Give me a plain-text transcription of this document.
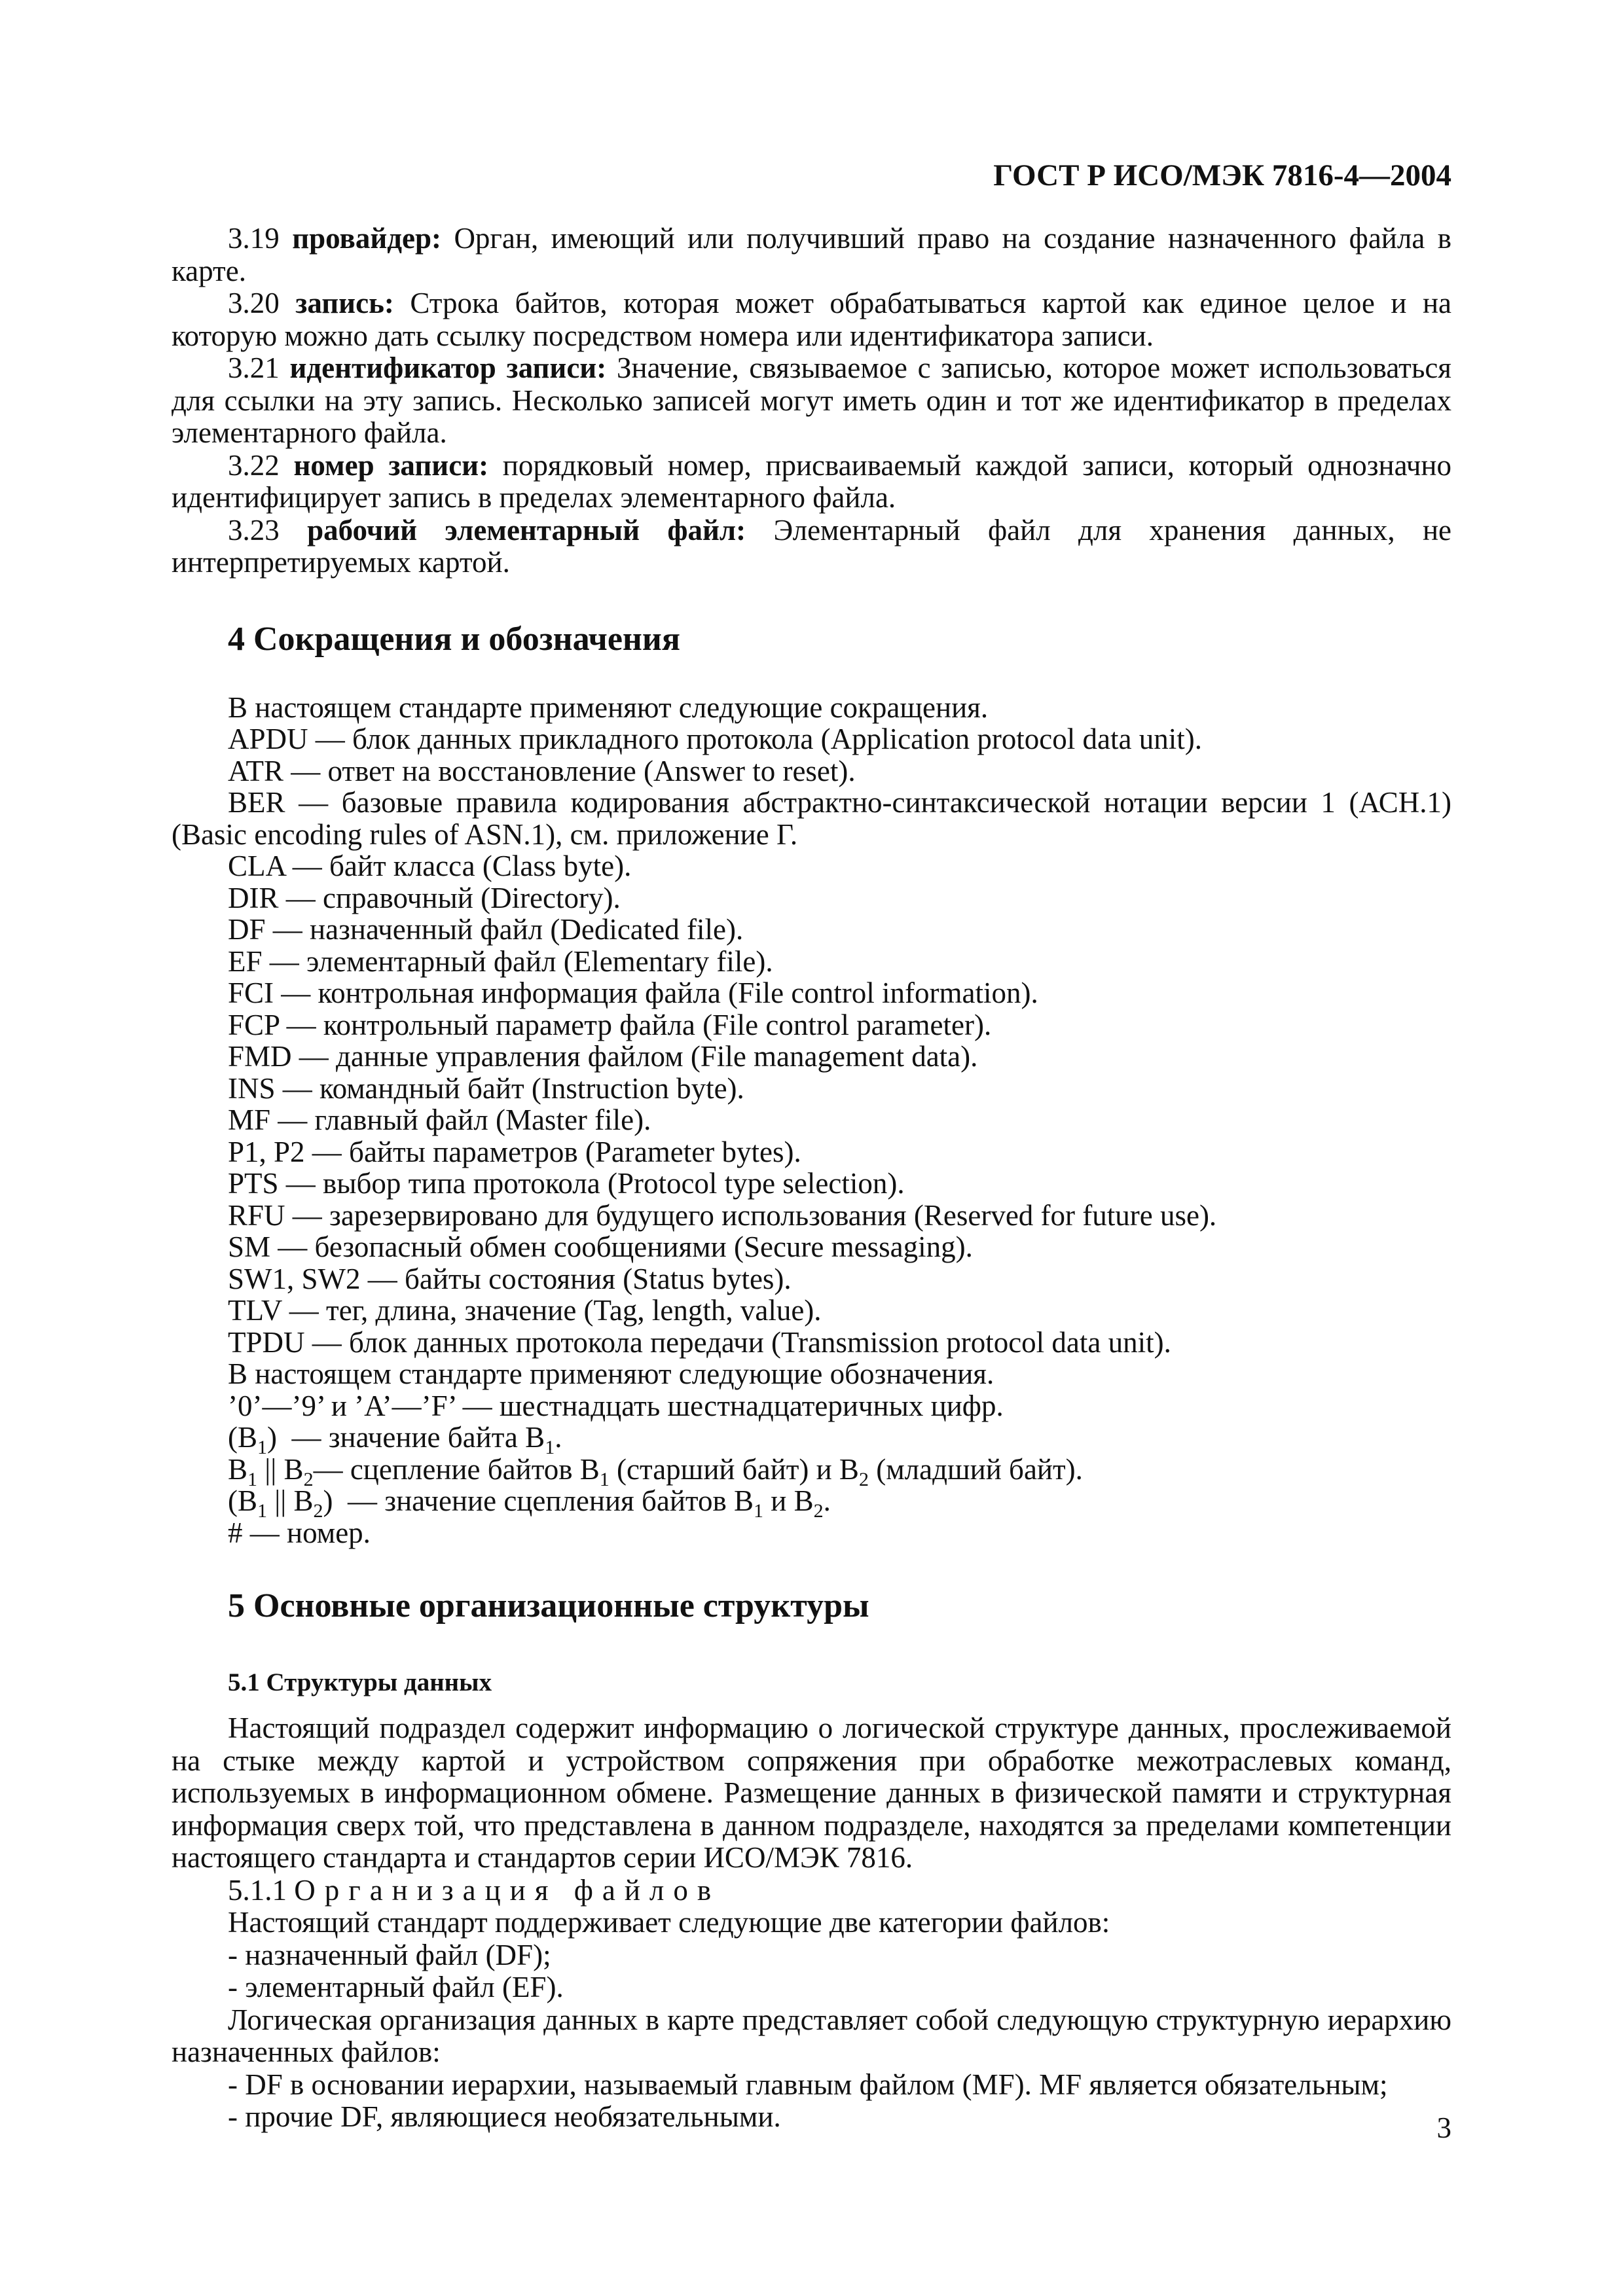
ГОСТ Р ИСО/МЭК 7816-4—2004

3.19 провайдер: Орган, имеющий или получивший право на создание назначенного файла в карте.

3.20 запись: Строка байтов, которая может обрабатываться картой как единое целое и на которую можно дать ссылку посредством номера или идентификатора записи.

3.21 идентификатор записи: Значение, связываемое с записью, которое может использоваться для ссылки на эту запись. Несколько записей могут иметь один и тот же идентификатор в пределах элементарного файла.

3.22 номер записи: порядковый номер, присваиваемый каждой записи, который однозначно идентифицирует запись в пределах элементарного файла.

3.23 рабочий элементарный файл: Элементарный файл для хранения данных, не интерпретируемых картой.

4 Сокращения и обозначения

В настоящем стандарте применяют следующие сокращения.

APDU — блок данных прикладного протокола (Application protocol data unit).

ATR — ответ на восстановление (Answer to reset).

BER — базовые правила кодирования абстрактно-синтаксической нотации версии 1 (АСН.1) (Basic encoding rules of ASN.1), см. приложение Г.

CLA — байт класса (Class byte).

DIR — справочный (Directory).

DF — назначенный файл (Dedicated file).

EF — элементарный файл (Elementary file).

FCI — контрольная информация файла (File control information).

FCP — контрольный параметр файла (File control parameter).

FMD — данные управления файлом (File management data).

INS — командный байт (Instruction byte).

MF — главный файл (Master file).

P1, P2 — байты параметров (Parameter bytes).

PTS — выбор типа протокола (Protocol type selection).

RFU — зарезервировано для будущего использования (Reserved for future use).

SM — безопасный обмен сообщениями (Secure messaging).

SW1, SW2 — байты состояния (Status bytes).

TLV — тег, длина, значение (Tag, length, value).

TPDU — блок данных протокола передачи (Transmission protocol data unit).

В настоящем стандарте применяют следующие обозначения.

’0’—’9’ и ’A’—’F’ — шестнадцать шестнадцатеричных цифр.

$(B_1)$ — значение байта $B_1$.

$B_1$ || $B_2—$ сцепление байтов $B_1$ (старший байт) и $B_2$ (младший байт).

($B_1$ || $B_2$) — значение сцепления байтов $B_1$ и $B_2$.

# — номер.

5 Основные организационные структуры
5.1 Структуры данных

Настоящий подраздел содержит информацию о логической структуре данных, прослеживаемой на стыке между картой и устройством сопряжения при обработке межотраслевых команд, используемых в информационном обмене. Размещение данных в физической памяти и структурная информация сверх той, что представлена в данном подразделе, находятся за пределами компетенции настоящего стандарта и стандартов серии ИСО/МЭК 7816.

5.1.1 Организация файлов

Настоящий стандарт поддерживает следующие две категории файлов:

- назначенный файл (DF);

- элементарный файл (EF).

Логическая организация данных в карте представляет собой следующую структурную иерархию назначенных файлов:

- DF в основании иерархии, называемый главным файлом (MF). MF является обязательным;

- прочие DF, являющиеся необязательными.	3
